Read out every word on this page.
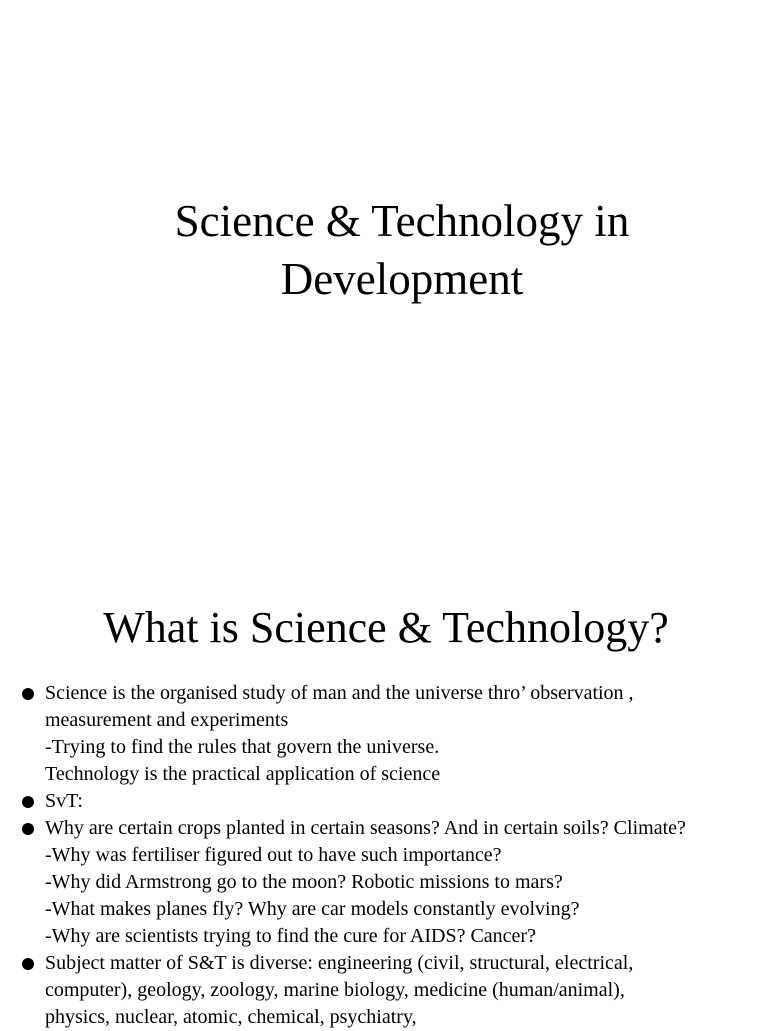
Science & Technology in
Development
What is Science & Technology?
Science is the organised study of man and the universe thro’ observation ,
measurement and experiments
-Trying to find the rules that govern the universe.
Technology is the practical application of science
SvT:
Why are certain crops planted in certain seasons? And in certain soils? Climate?
-Why was fertiliser figured out to have such importance?
-Why did Armstrong go to the moon? Robotic missions to mars?
-What makes planes fly? Why are car models constantly evolving?
-Why are scientists trying to find the cure for AIDS? Cancer?
Subject matter of S&T is diverse: engineering (civil, structural, electrical,
computer), geology, zoology, marine biology, medicine (human/animal),
physics, nuclear, atomic, chemical, psychiatry,
